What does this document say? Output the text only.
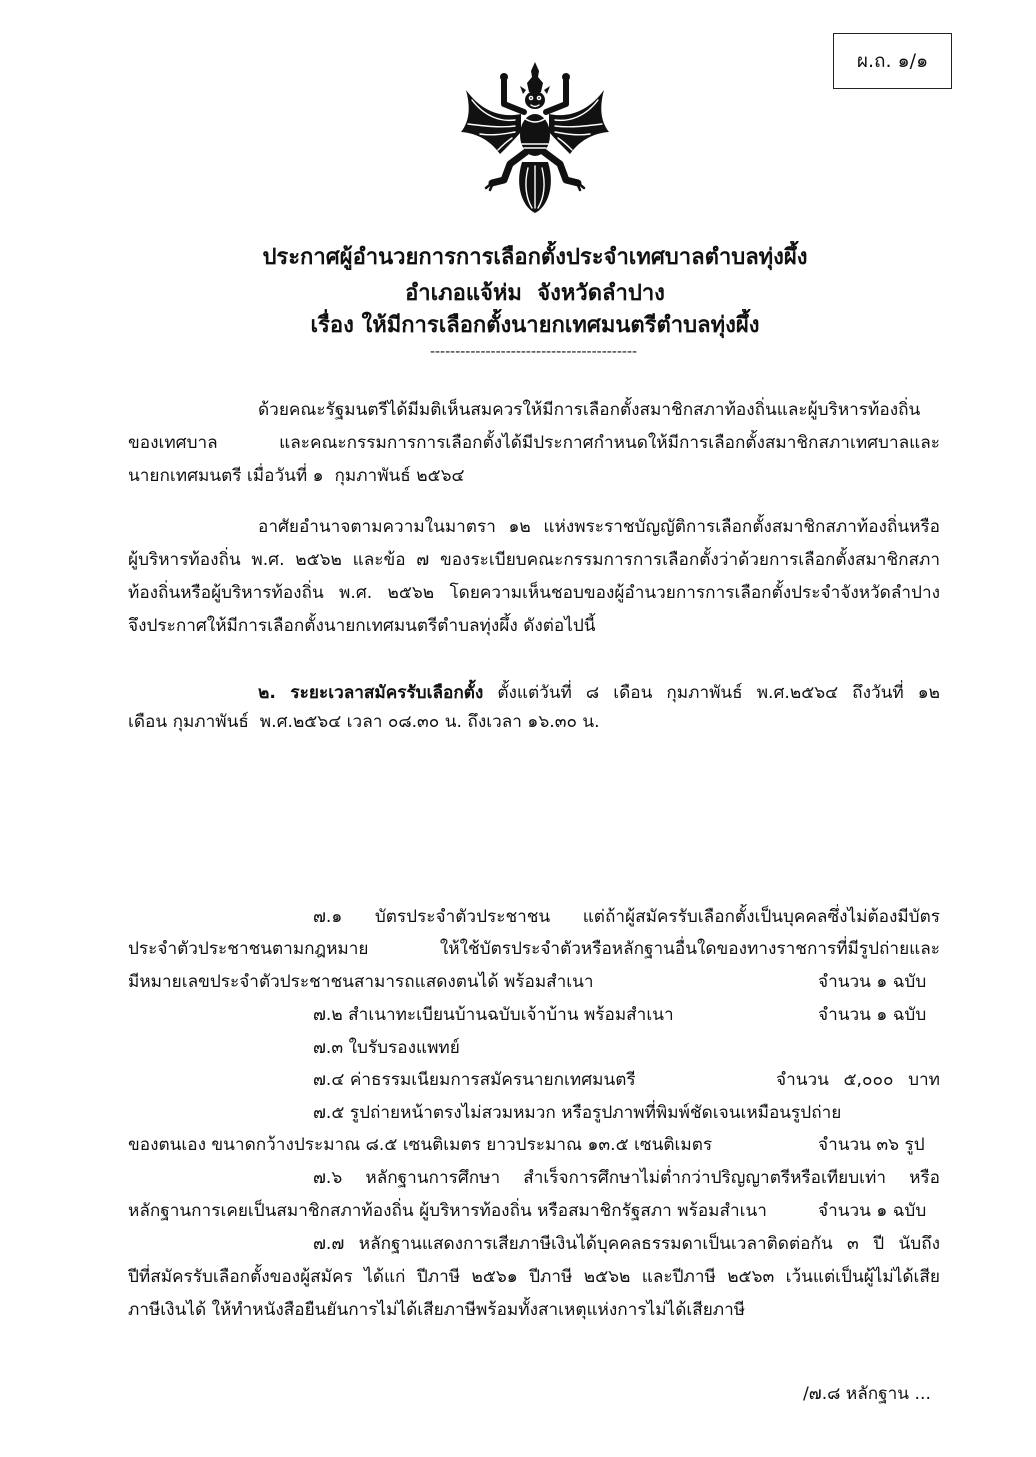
ผ.ถ. ๑/๑
ประกาศผู้อำนวยการการเลือกตั้งประจำเทศบาลตำบลทุ่งผึ้ง
อำเภอแจ้ห่ม  จังหวัดลำปาง
เรื่อง ให้มีการเลือกตั้งนายกเทศมนตรีตำบลทุ่งผึ้ง
-----------------------------------------
ด้วยคณะรัฐมนตรีได้มีมติเห็นสมควรให้มีการเลือกตั้งสมาชิกสภาท้องถิ่นและผู้บริหารท้องถิ่น
ของเทศบาล และคณะกรรมการการเลือกตั้งได้มีประกาศกำหนดให้มีการเลือกตั้งสมาชิกสภาเทศบาลและ
นายกเทศมนตรี เมื่อวันที่ ๑  กุมภาพันธ์ ๒๕๖๔
อาศัยอำนาจตามความในมาตรา ๑๒ แห่งพระราชบัญญัติการเลือกตั้งสมาชิกสภาท้องถิ่นหรือ
ผู้บริหารท้องถิ่น พ.ศ. ๒๕๖๒ และข้อ ๗ ของระเบียบคณะกรรมการการเลือกตั้งว่าด้วยการเลือกตั้งสมาชิกสภา
ท้องถิ่นหรือผู้บริหารท้องถิ่น พ.ศ. ๒๕๖๒ โดยความเห็นชอบของผู้อำนวยการการเลือกตั้งประจำจังหวัดลำปาง
จึงประกาศให้มีการเลือกตั้งนายกเทศมนตรีตำบลทุ่งผึ้ง ดังต่อไปนี้

๒. ระยะเวลาสมัครรับเลือกตั้ง ตั้งแต่วันที่ ๘ เดือน กุมภาพันธ์ พ.ศ.๒๕๖๔ ถึงวันที่ ๑๒
เดือน กุมภาพันธ์  พ.ศ.๒๕๖๔ เวลา ๐๘.๓๐ น. ถึงเวลา ๑๖.๓๐ น.

๗.๑ บัตรประจำตัวประชาชน แต่ถ้าผู้สมัครรับเลือกตั้งเป็นบุคคลซึ่งไม่ต้องมีบัตร
ประจำตัวประชาชนตามกฎหมาย ให้ใช้บัตรประจำตัวหรือหลักฐานอื่นใดของทางราชการที่มีรูปถ่ายและ
มีหมายเลขประจำตัวประชาชนสามารถแสดงตนได้ พร้อมสำเนา	จำนวน ๑ ฉบับ
๗.๒ สำเนาทะเบียนบ้านฉบับเจ้าบ้าน พร้อมสำเนา	จำนวน ๑ ฉบับ
๗.๓ ใบรับรองแพทย์
๗.๔ ค่าธรรมเนียมการสมัครนายกเทศมนตรี	จำนวน ๕,๐๐๐ บาท
๗.๕ รูปถ่ายหน้าตรงไม่สวมหมวก หรือรูปภาพที่พิมพ์ชัดเจนเหมือนรูปถ่าย
ของตนเอง ขนาดกว้างประมาณ ๘.๕ เซนติเมตร ยาวประมาณ ๑๓.๕ เซนติเมตร	จำนวน ๓๖ รูป
๗.๖ หลักฐานการศึกษา สำเร็จการศึกษาไม่ต่ำกว่าปริญญาตรีหรือเทียบเท่า หรือ
หลักฐานการเคยเป็นสมาชิกสภาท้องถิ่น ผู้บริหารท้องถิ่น หรือสมาชิกรัฐสภา พร้อมสำเนา	จำนวน ๑ ฉบับ
๗.๗ หลักฐานแสดงการเสียภาษีเงินได้บุคคลธรรมดาเป็นเวลาติดต่อกัน ๓ ปี นับถึง
ปีที่สมัครรับเลือกตั้งของผู้สมัคร ได้แก่ ปีภาษี ๒๕๖๑ ปีภาษี ๒๕๖๒ และปีภาษี ๒๕๖๓ เว้นแต่เป็นผู้ไม่ได้เสีย
ภาษีเงินได้ ให้ทำหนังสือยืนยันการไม่ได้เสียภาษีพร้อมทั้งสาเหตุแห่งการไม่ได้เสียภาษี
/๗.๘ หลักฐาน ...
